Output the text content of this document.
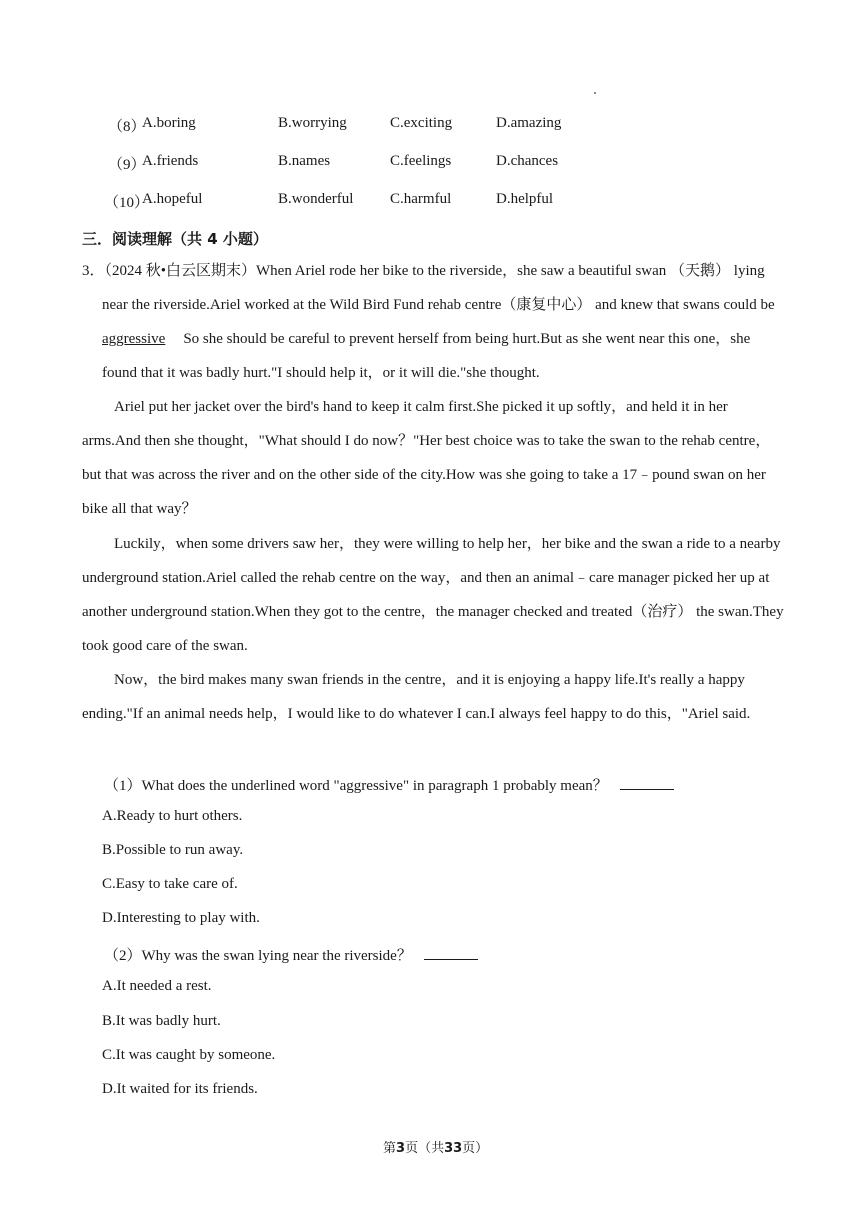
（8）
A.boring	B.worrying	C.exciting	D.amazing
（9）
A.friends	B.names	C.feelings	D.chances
（10）
A.hopeful	B.wonderful C.harmful	D.helpful
三．阅读理解（共 4 小题）
3．（2024 秋•白云区期末）When Ariel rode her bike to the riverside，she saw a beautiful swan （天鹅） lying
near the riverside.Ariel worked at the Wild Bird Fund rehab centre（康复中心） and knew that swans could be
aggressive So she should be careful to prevent herself from being hurt.But as she went near this one，she
found that it was badly hurt."I should help it，or it will die."she thought.
Ariel put her jacket over the bird's hand to keep it calm first.She picked it up softly，and held it in her
arms.And then she thought，"What should I do now？"Her best choice was to take the swan to the rehab centre，
but that was across the river and on the other side of the city.How was she going to take a 17﹣pound swan on her
bike all that way？
Luckily，when some drivers saw her，they were willing to help her，her bike and the swan a ride to a nearby
underground station.Ariel called the rehab centre on the way，and then an animal﹣care manager picked her up at
another underground station.When they got to the centre，the manager checked and treated（治疗） the swan.They
took good care of the swan.
Now，the bird makes many swan friends in the centre，and it is enjoying a happy life.It's really a happy
ending."If an animal needs help，I would like to do whatever I can.I always feel happy to do this，"Ariel said.
（1）What does the underlined word "aggressive" in paragraph 1 probably mean？
A.Ready to hurt others.
B.Possible to run away.
C.Easy to take care of.
D.Interesting to play with.
（2）Why was the swan lying near the riverside？
A.It needed a rest.
B.It was badly hurt.
C.It was caught by someone.
D.It waited for its friends.
第3页（共33页）
